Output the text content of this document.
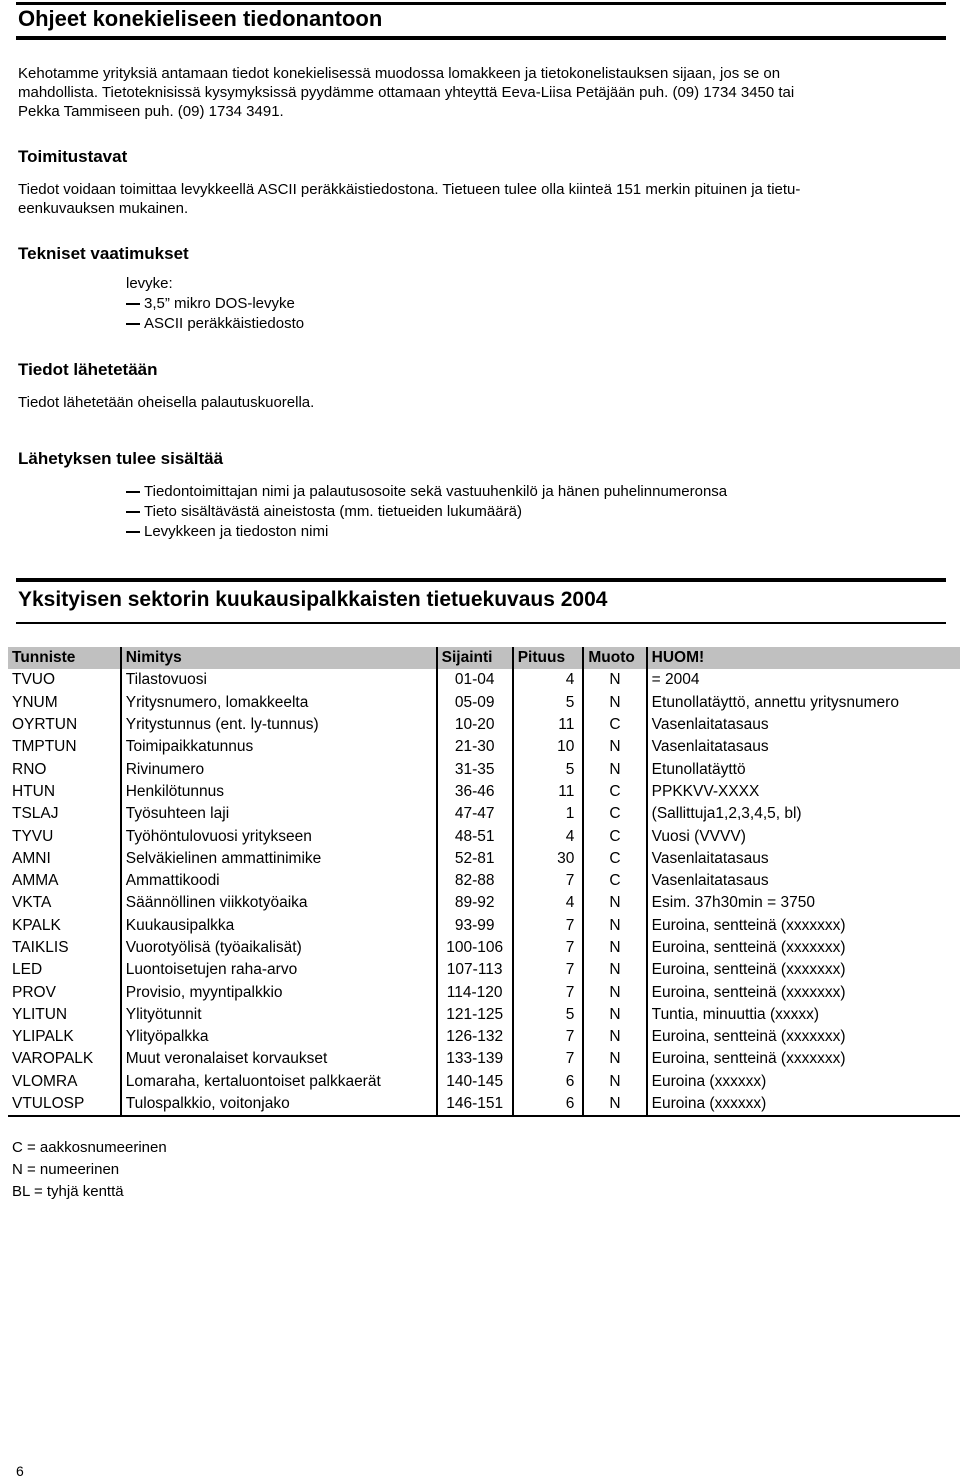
Ohjeet konekieliseen tiedonantoon
Kehotamme yrityksiä antamaan tiedot konekielisessä muodossa lomakkeen ja tietokonelistauksen sijaan, jos se on
mahdollista. Tietoteknisissä kysymyksissä pyydämme ottamaan yhteyttä Eeva-Liisa Petäjään puh. (09) 1734 3450 tai
Pekka Tammiseen puh. (09) 1734 3491.
Toimitustavat
Tiedot voidaan toimittaa levykkeellä ASCII peräkkäistiedostona. Tietueen tulee olla kiinteä 151 merkin pituinen ja tietu-
eenkuvauksen mukainen.
Tekniset vaatimukset
levyke:
3,5” mikro DOS-levyke
ASCII peräkkäistiedosto
Tiedot lähetetään
Tiedot lähetetään oheisella palautuskuorella.
Lähetyksen tulee sisältää
Tiedontoimittajan nimi ja palautusosoite sekä vastuuhenkilö ja hänen puhelinnumeronsa
Tieto sisältävästä aineistosta (mm. tietueiden lukumäärä)
Levykkeen ja tiedoston nimi
Yksityisen sektorin kuukausipalkkaisten tietuekuvaus 2004
Tunniste	Nimitys	Sijainti	Pituus	Muoto	HUOM!
TVUO	Tilastovuosi	01-04	4	N	= 2004
YNUM	Yritysnumero, lomakkeelta	05-09	5	N	Etunollatäyttö, annettu yritysnumero
OYRTUN	Yritystunnus (ent. ly-tunnus)	10-20	11	C	Vasenlaitatasaus
TMPTUN	Toimipaikkatunnus	21-30	10	N	Vasenlaitatasaus
RNO	Rivinumero	31-35	5	N	Etunollatäyttö
HTUN	Henkilötunnus	36-46	11	C	PPKKVV-XXXX
TSLAJ	Työsuhteen laji	47-47	1	C	(Sallittuja1,2,3,4,5, bl)
TYVU	Työhöntulovuosi yritykseen	48-51	4	C	Vuosi (VVVV)
AMNI	Selväkielinen ammattinimike	52-81	30	C	Vasenlaitatasaus
AMMA	Ammattikoodi	82-88	7	C	Vasenlaitatasaus
VKTA	Säännöllinen viikkotyöaika	89-92	4	N	Esim. 37h30min = 3750
KPALK	Kuukausipalkka	93-99	7	N	Euroina, sentteinä (xxxxxxx)
TAIKLIS	Vuorotyölisä (työaikalisät)	100-106	7	N	Euroina, sentteinä (xxxxxxx)
LED	Luontoisetujen raha-arvo	107-113	7	N	Euroina, sentteinä (xxxxxxx)
PROV	Provisio, myyntipalkkio	114-120	7	N	Euroina, sentteinä (xxxxxxx)
YLITUN	Ylityötunnit	121-125	5	N	Tuntia, minuuttia (xxxxx)
YLIPALK	Ylityöpalkka	126-132	7	N	Euroina, sentteinä (xxxxxxx)
VAROPALK	Muut veronalaiset korvaukset	133-139	7	N	Euroina, sentteinä (xxxxxxx)
VLOMRA	Lomaraha, kertaluontoiset palkkaerät	140-145	6	N	Euroina (xxxxxx)
VTULOSP	Tulospalkkio, voitonjako	146-151	6	N	Euroina (xxxxxx)
C = aakkosnumeerinen
N = numeerinen
BL = tyhjä kenttä
6
